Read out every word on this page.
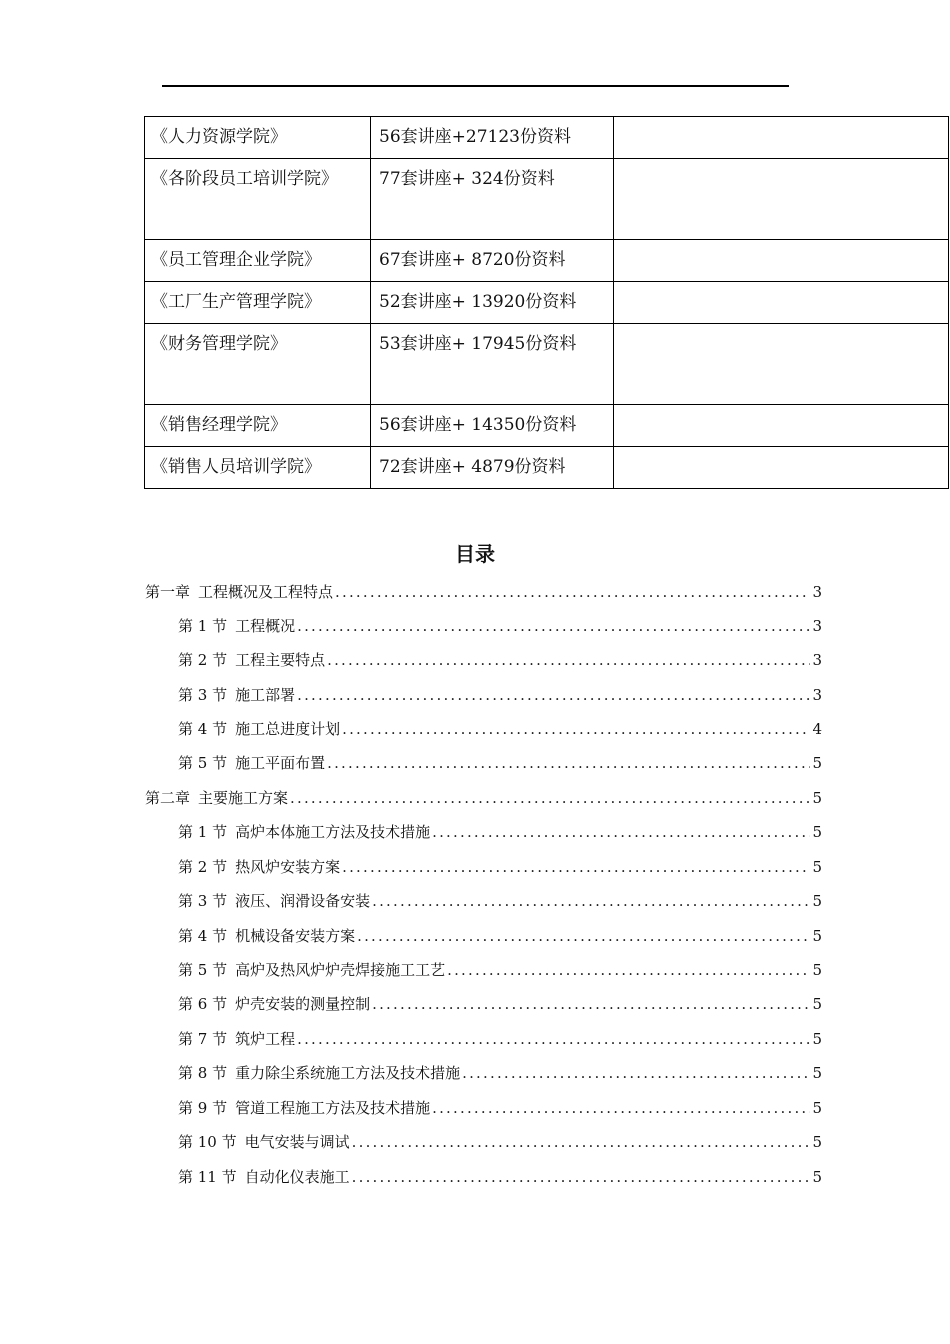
《人力资源学院》	56套讲座+27123份资料	
《各阶段员工培训学院》	77套讲座+ 324份资料	
《员工管理企业学院》	67套讲座+ 8720份资料	
《工厂生产管理学院》	52套讲座+ 13920份资料	
《财务管理学院》	53套讲座+ 17945份资料	
《销售经理学院》	56套讲座+ 14350份资料	
《销售人员培训学院》	72套讲座+ 4879份资料	
目录
第一章 工程概况及工程特点 .....	3
第 1 节 工程概况 .....	3
第 2 节 工程主要特点 .....	3
第 3 节 施工部署 .....	3
第 4 节 施工总进度计划 .....	4
第 5 节 施工平面布置 .....	5
第二章 主要施工方案 .....	5
第 1 节 高炉本体施工方法及技术措施 .....	5
第 2 节 热风炉安装方案 .....	5
第 3 节 液压、润滑设备安装 .....	5
第 4 节 机械设备安装方案 .....	5
第 5 节 高炉及热风炉炉壳焊接施工工艺 .....	5
第 6 节 炉壳安装的测量控制 .....	5
第 7 节 筑炉工程 .....	5
第 8 节 重力除尘系统施工方法及技术措施 .....	5
第 9 节 管道工程施工方法及技术措施 .....	5
第 10 节 电气安装与调试 .....	5
第 11 节 自动化仪表施工 .....	5
